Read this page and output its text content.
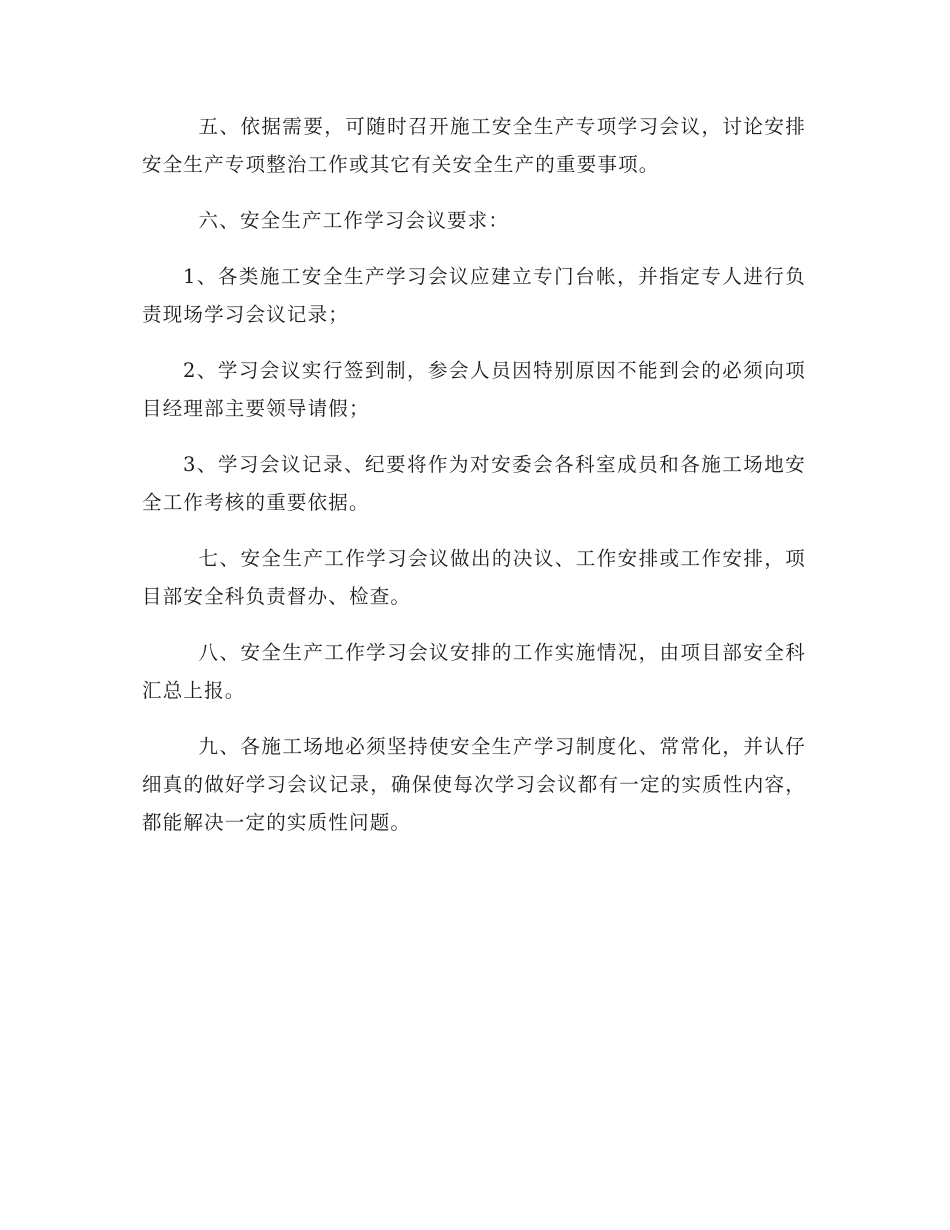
五、依据需要，可随时召开施工安全生产专项学习会议，讨论安排安全生产专项整治工作或其它有关安全生产的重要事项。

六、安全生产工作学习会议要求：

1、各类施工安全生产学习会议应建立专门台帐，并指定专人进行负责现场学习会议记录；

2、学习会议实行签到制，参会人员因特别原因不能到会的必须向项目经理部主要领导请假；

3、学习会议记录、纪要将作为对安委会各科室成员和各施工场地安全工作考核的重要依据。

七、安全生产工作学习会议做出的决议、工作安排或工作安排，项目部安全科负责督办、检查。

八、安全生产工作学习会议安排的工作实施情况，由项目部安全科汇总上报。

九、各施工场地必须坚持使安全生产学习制度化、常常化，并认仔细真的做好学习会议记录，确保使每次学习会议都有一定的实质性内容，都能解决一定的实质性问题。
